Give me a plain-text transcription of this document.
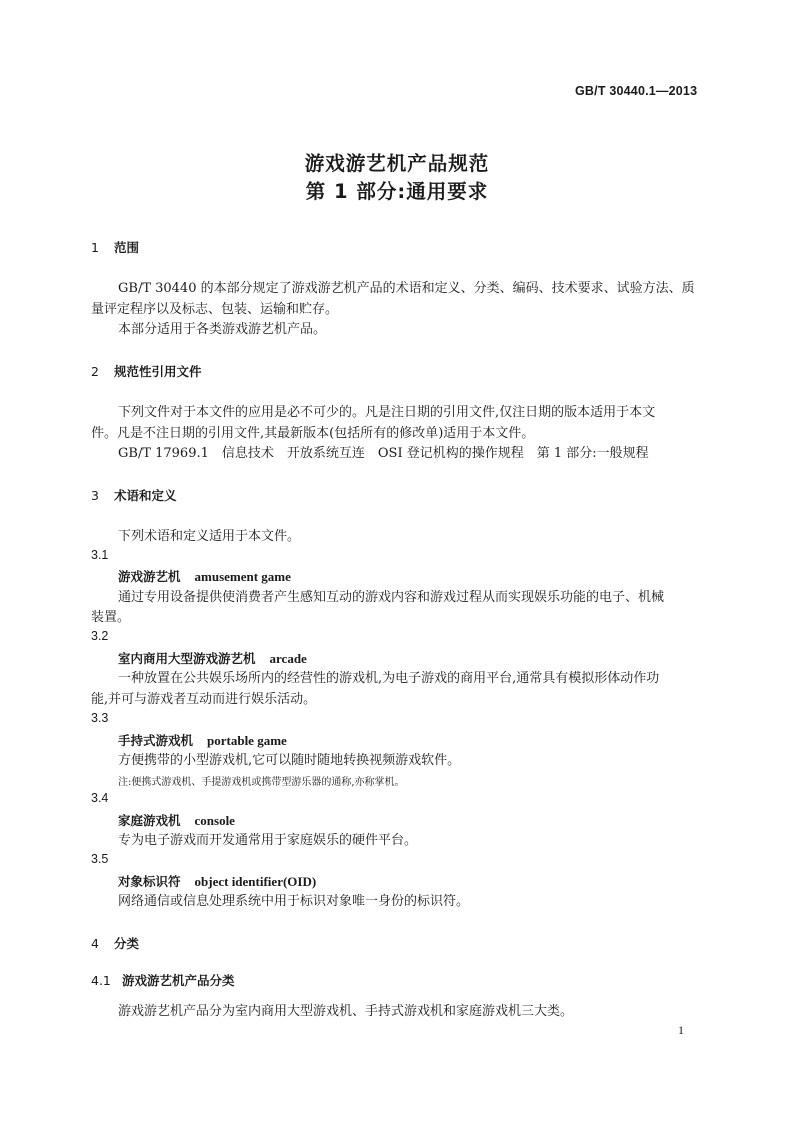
GB/T 30440.1—2013
游戏游艺机产品规范
第 1 部分:通用要求
1 范围
GB/T 30440 的本部分规定了游戏游艺机产品的术语和定义、分类、编码、技术要求、试验方法、质
量评定程序以及标志、包装、运输和贮存。
本部分适用于各类游戏游艺机产品。
2 规范性引用文件
下列文件对于本文件的应用是必不可少的。凡是注日期的引用文件,仅注日期的版本适用于本文
件。凡是不注日期的引用文件,其最新版本(包括所有的修改单)适用于本文件。
GB/T 17969.1　信息技术　开放系统互连　OSI 登记机构的操作规程　第 1 部分:一般规程
3 术语和定义
下列术语和定义适用于本文件。
3.1
游戏游艺机 amusement game
通过专用设备提供使消费者产生感知互动的游戏内容和游戏过程从而实现娱乐功能的电子、机械
装置。
3.2
室内商用大型游戏游艺机 arcade
一种放置在公共娱乐场所内的经营性的游戏机,为电子游戏的商用平台,通常具有模拟形体动作功
能,并可与游戏者互动而进行娱乐活动。
3.3
手持式游戏机 portable game
方便携带的小型游戏机,它可以随时随地转换视频游戏软件。
注:便携式游戏机、手提游戏机或携带型游乐器的通称,亦称掌机。
3.4
家庭游戏机 console
专为电子游戏而开发通常用于家庭娱乐的硬件平台。
3.5
对象标识符 object identifier(OID)
网络通信或信息处理系统中用于标识对象唯一身份的标识符。
4 分类
4.1 游戏游艺机产品分类
游戏游艺机产品分为室内商用大型游戏机、手持式游戏机和家庭游戏机三大类。
1
